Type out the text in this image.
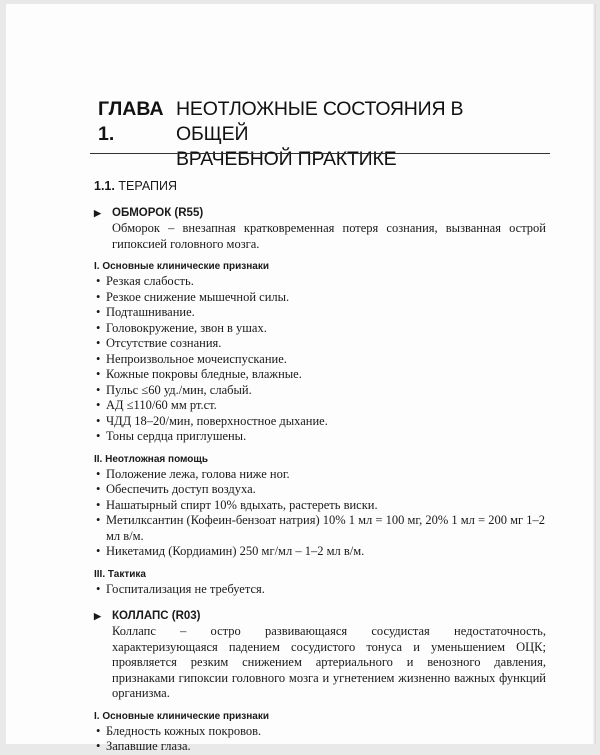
ГЛАВА 1.
НЕОТЛОЖНЫЕ СОСТОЯНИЯ В ОБЩЕЙ
ВРАЧЕБНОЙ ПРАКТИКЕ
1.1. ТЕРАПИЯ
▶ ОБМОРОК (R55)
Обморок – внезапная кратковременная потеря сознания, вызванная острой гипоксией головного мозга.
I. Основные клинические признаки
• Резкая слабость.
• Резкое снижение мышечной силы.
• Подташнивание.
• Головокружение, звон в ушах.
• Отсутствие сознания.
• Непроизвольное мочеиспускание.
• Кожные покровы бледные, влажные.
• Пульс ≤60 уд./мин, слабый.
• АД ≤110/60 мм рт.ст.
• ЧДД 18–20/мин, поверхностное дыхание.
• Тоны сердца приглушены.
II. Неотложная помощь
• Положение лежа, голова ниже ног.
• Обеспечить доступ воздуха.
• Нашатырный спирт 10% вдыхать, растереть виски.
• Метилксантин (Кофеин-бензоат натрия) 10% 1 мл = 100 мг, 20% 1 мл = 200 мг 1–2 мл в/м.
• Никетамид (Кордиамин) 250 мг/мл – 1–2 мл в/м.
III. Тактика
• Госпитализация не требуется.
▶ КОЛЛАПС (R03)
Коллапс – остро развивающаяся сосудистая недостаточность, характеризующаяся падением сосудистого тонуса и уменьшением ОЦК; проявляется резким снижением артериального и венозного давления, признаками гипоксии головного мозга и угнетением жизненно важных функций организма.
I. Основные клинические признаки
• Бледность кожных покровов.
• Запавшие глаза.
